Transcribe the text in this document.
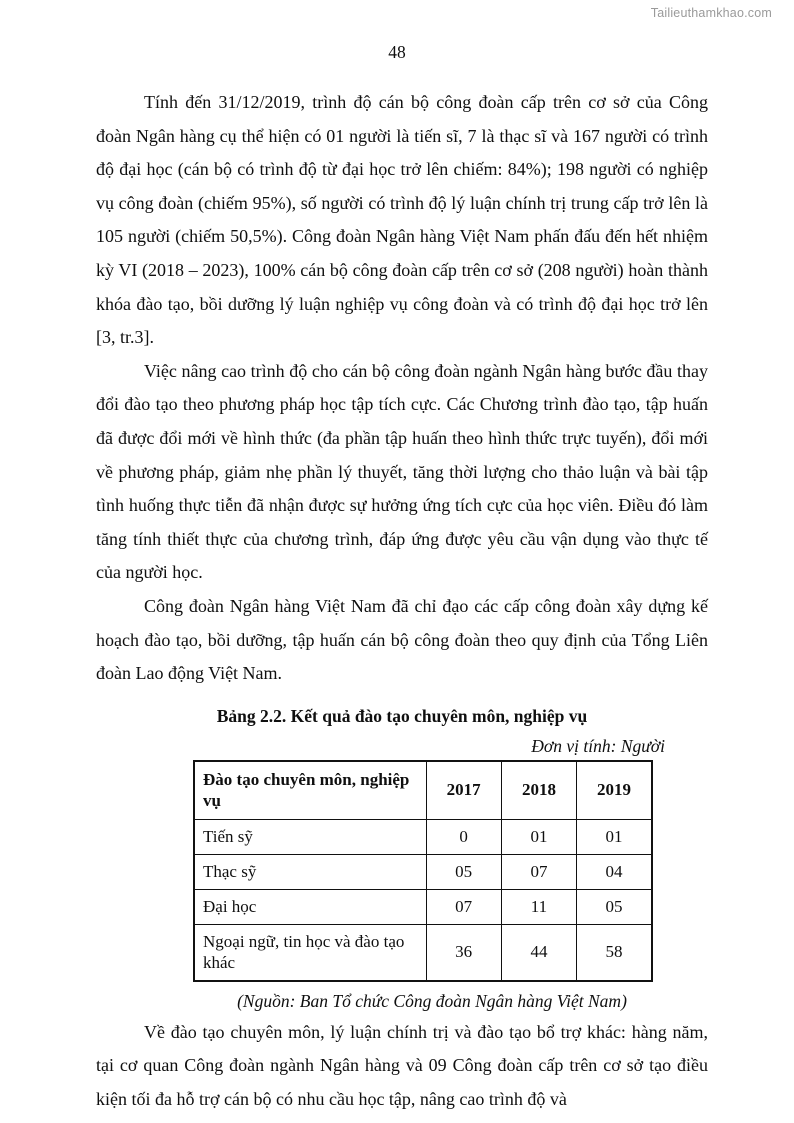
Tailieuthamkhao.com
48

Tính đến 31/12/2019, trình độ cán bộ công đoàn cấp trên cơ sở của Công đoàn Ngân hàng cụ thể hiện có 01 người là tiến sĩ, 7 là thạc sĩ và 167 người có trình độ đại học (cán bộ có trình độ từ đại học trở lên chiếm: 84%); 198 người có nghiệp vụ công đoàn (chiếm 95%), số người có trình độ lý luận chính trị trung cấp trở lên là 105 người (chiếm 50,5%). Công đoàn Ngân hàng Việt Nam phấn đấu đến hết nhiệm kỳ VI (2018 – 2023), 100% cán bộ công đoàn cấp trên cơ sở (208 người) hoàn thành khóa đào tạo, bồi dưỡng lý luận nghiệp vụ công đoàn và có trình độ đại học trở lên [3, tr.3].

Việc nâng cao trình độ cho cán bộ công đoàn ngành Ngân hàng bước đầu thay đổi đào tạo theo phương pháp học tập tích cực. Các Chương trình đào tạo, tập huấn đã được đổi mới về hình thức (đa phần tập huấn theo hình thức trực tuyến), đổi mới về phương pháp, giảm nhẹ phần lý thuyết, tăng thời lượng cho thảo luận và bài tập tình huống thực tiễn đã nhận được sự hưởng ứng tích cực của học viên. Điều đó làm tăng tính thiết thực của chương trình, đáp ứng được yêu cầu vận dụng vào thực tế của người học.

Công đoàn Ngân hàng Việt Nam đã chỉ đạo các cấp công đoàn xây dựng kế hoạch đào tạo, bồi dưỡng, tập huấn cán bộ công đoàn theo quy định của Tổng Liên đoàn Lao động Việt Nam.

Bảng 2.2. Kết quả đào tạo chuyên môn, nghiệp vụ
Đơn vị tính: Người
Đào tạo chuyên môn, nghiệp vụ	2017	2018	2019
Tiến sỹ	0	01	01
Thạc sỹ	05	07	04
Đại học	07	11	05
Ngoại ngữ, tin học và đào tạo khác	36	44	58
(Nguồn: Ban Tổ chức Công đoàn Ngân hàng Việt Nam)

Về đào tạo chuyên môn, lý luận chính trị và đào tạo bổ trợ khác: hàng năm, tại cơ quan Công đoàn ngành Ngân hàng và 09 Công đoàn cấp trên cơ sở tạo điều kiện tối đa hỗ trợ cán bộ có nhu cầu học tập, nâng cao trình độ và
